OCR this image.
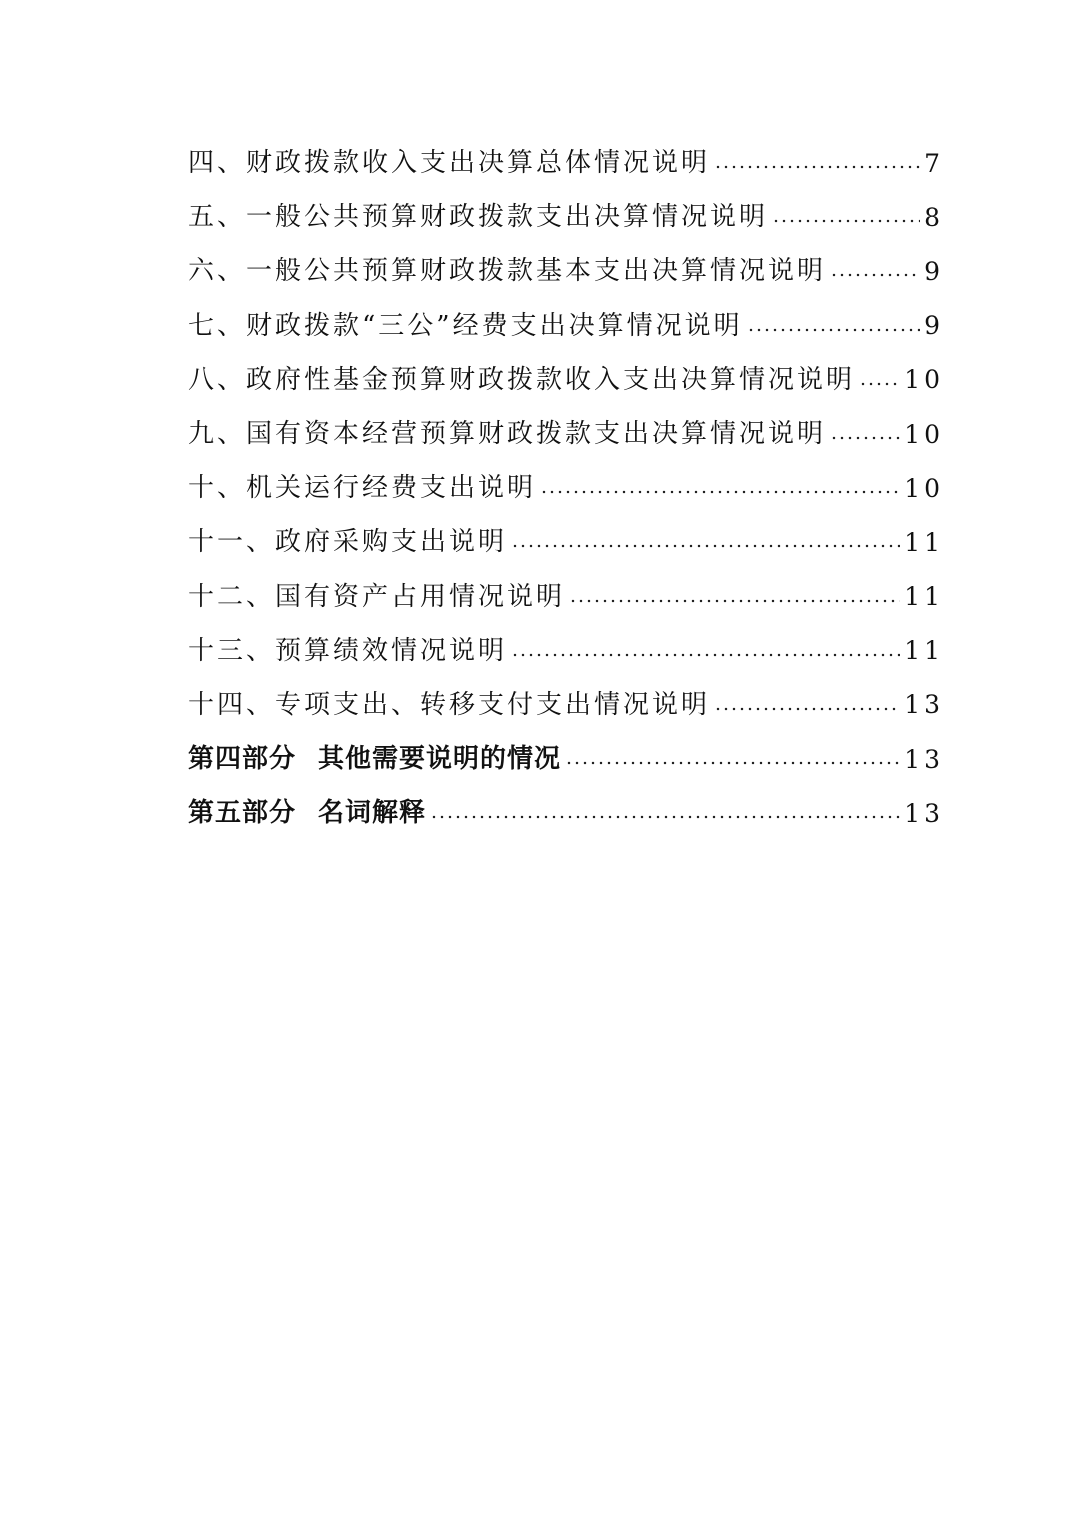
四、财政拨款收入支出决算总体情况说明	7
五、一般公共预算财政拨款支出决算情况说明	8
六、一般公共预算财政拨款基本支出决算情况说明	9
七、财政拨款“三公”经费支出决算情况说明	9
八、政府性基金预算财政拨款收入支出决算情况说明 10
九、国有资本经营预算财政拨款支出决算情况说明	10
十、机关运行经费支出说明	10
十一、政府采购支出说明	11
十二、国有资产占用情况说明	11
十三、预算绩效情况说明	11
十四、专项支出、转移支付支出情况说明	13
第四部分 其他需要说明的情况	13
第五部分 名词解释	13
